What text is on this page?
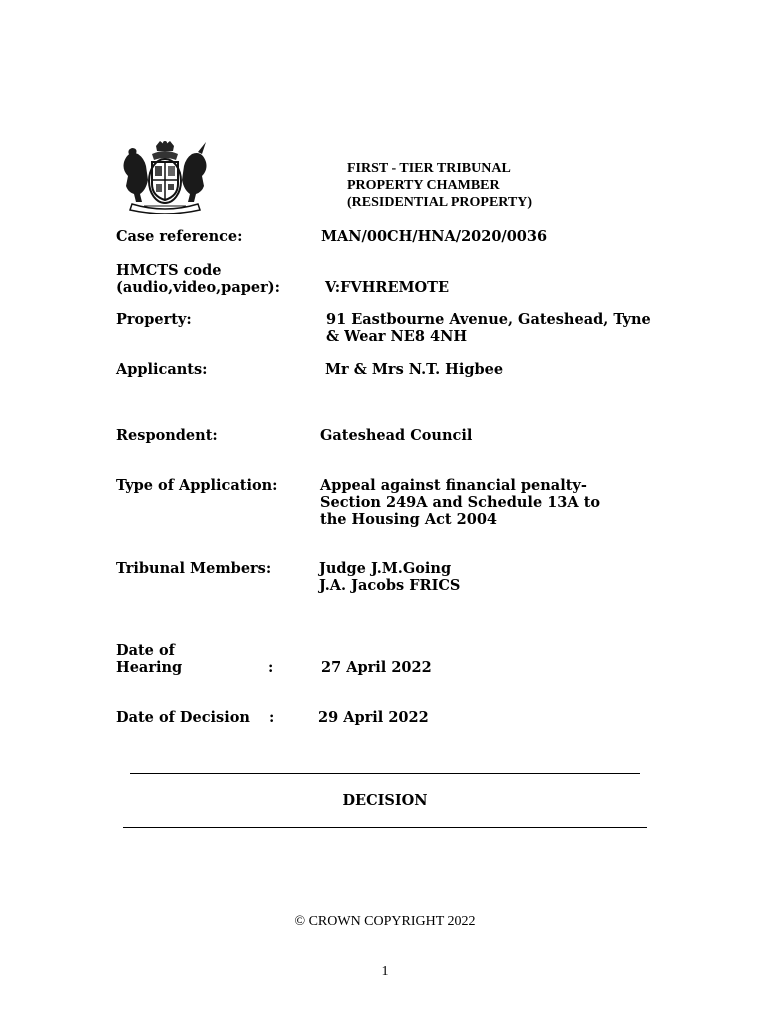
FIRST - TIER TRIBUNAL
PROPERTY CHAMBER
(RESIDENTIAL PROPERTY)
Case reference:	MAN/00CH/HNA/2020/0036
HMCTS code
(audio,video,paper):	V:FVHREMOTE
Property:	91 Eastbourne Avenue, Gateshead, Tyne
& Wear NE8 4NH
Applicants:	Mr & Mrs N.T. Higbee
Respondent:	Gateshead Council
Type of Application:	Appeal against financial penalty-
Section 249A and Schedule 13A to
the Housing Act 2004
Tribunal Members:	Judge J.M.Going
J.A. Jacobs FRICS
Date of
Hearing	:	27 April 2022
Date of Decision :	29 April 2022
DECISION
© CROWN COPYRIGHT 2022
1
